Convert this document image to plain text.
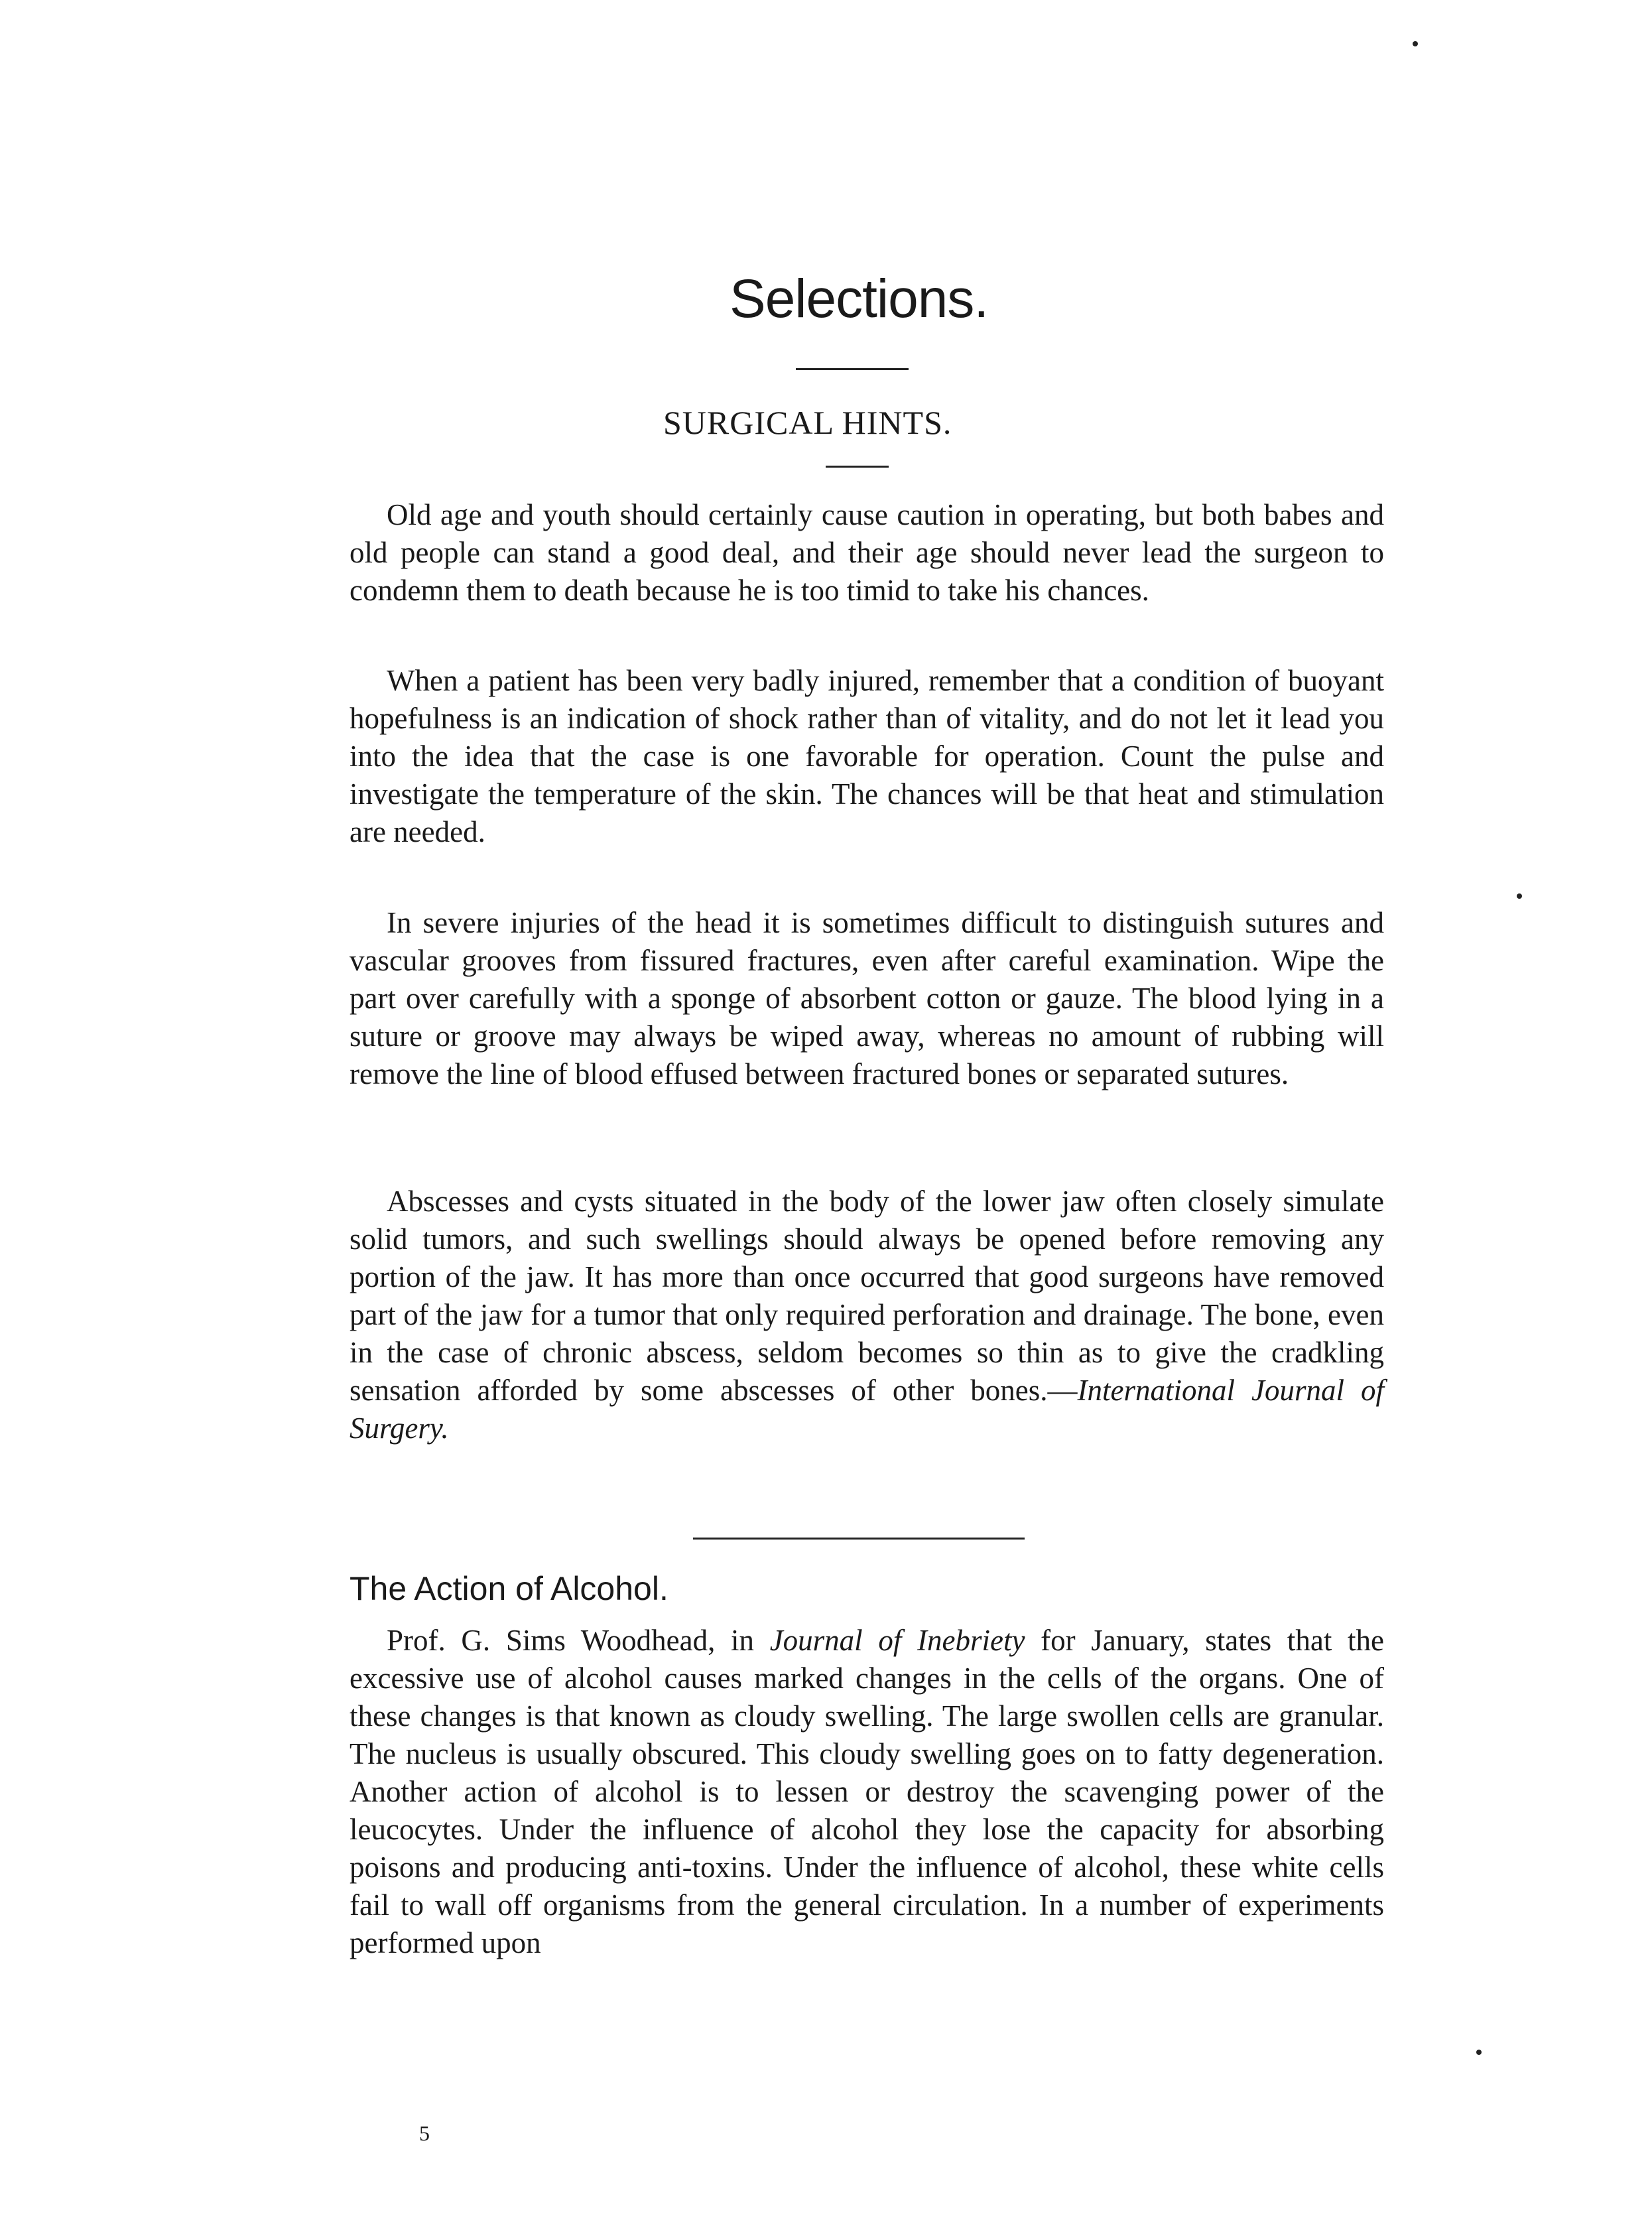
Selections.
SURGICAL HINTS.

Old age and youth should certainly cause caution in operating, but both babes and old people can stand a good deal, and their age should never lead the surgeon to condemn them to death because he is too timid to take his chances.

When a patient has been very badly injured, remember that a condition of buoyant hopefulness is an indication of shock rather than of vitality, and do not let it lead you into the idea that the case is one favorable for operation. Count the pulse and investigate the temperature of the skin. The chances will be that heat and stimulation are needed.

In severe injuries of the head it is sometimes difficult to distinguish sutures and vascular grooves from fissured fractures, even after careful examination. Wipe the part over carefully with a sponge of absorbent cotton or gauze. The blood lying in a suture or groove may always be wiped away, whereas no amount of rubbing will remove the line of blood effused between fractured bones or separated sutures.

Abscesses and cysts situated in the body of the lower jaw often closely simulate solid tumors, and such swellings should always be opened before removing any portion of the jaw. It has more than once occurred that good surgeons have removed part of the jaw for a tumor that only required perforation and drainage. The bone, even in the case of chronic abscess, seldom becomes so thin as to give the cradkling sensation afforded by some abscesses of other bones.—International Journal of Surgery.

The Action of Alcohol.

Prof. G. Sims Woodhead, in Journal of Inebriety for January, states that the excessive use of alcohol causes marked changes in the cells of the organs. One of these changes is that known as cloudy swelling. The large swollen cells are granular. The nucleus is usually obscured. This cloudy swelling goes on to fatty degeneration. Another action of alcohol is to lessen or destroy the scavenging power of the leucocytes. Under the influence of alcohol they lose the capacity for absorbing poisons and producing anti-toxins. Under the influence of alcohol, these white cells fail to wall off organisms from the general circulation. In a number of experiments performed upon

5
